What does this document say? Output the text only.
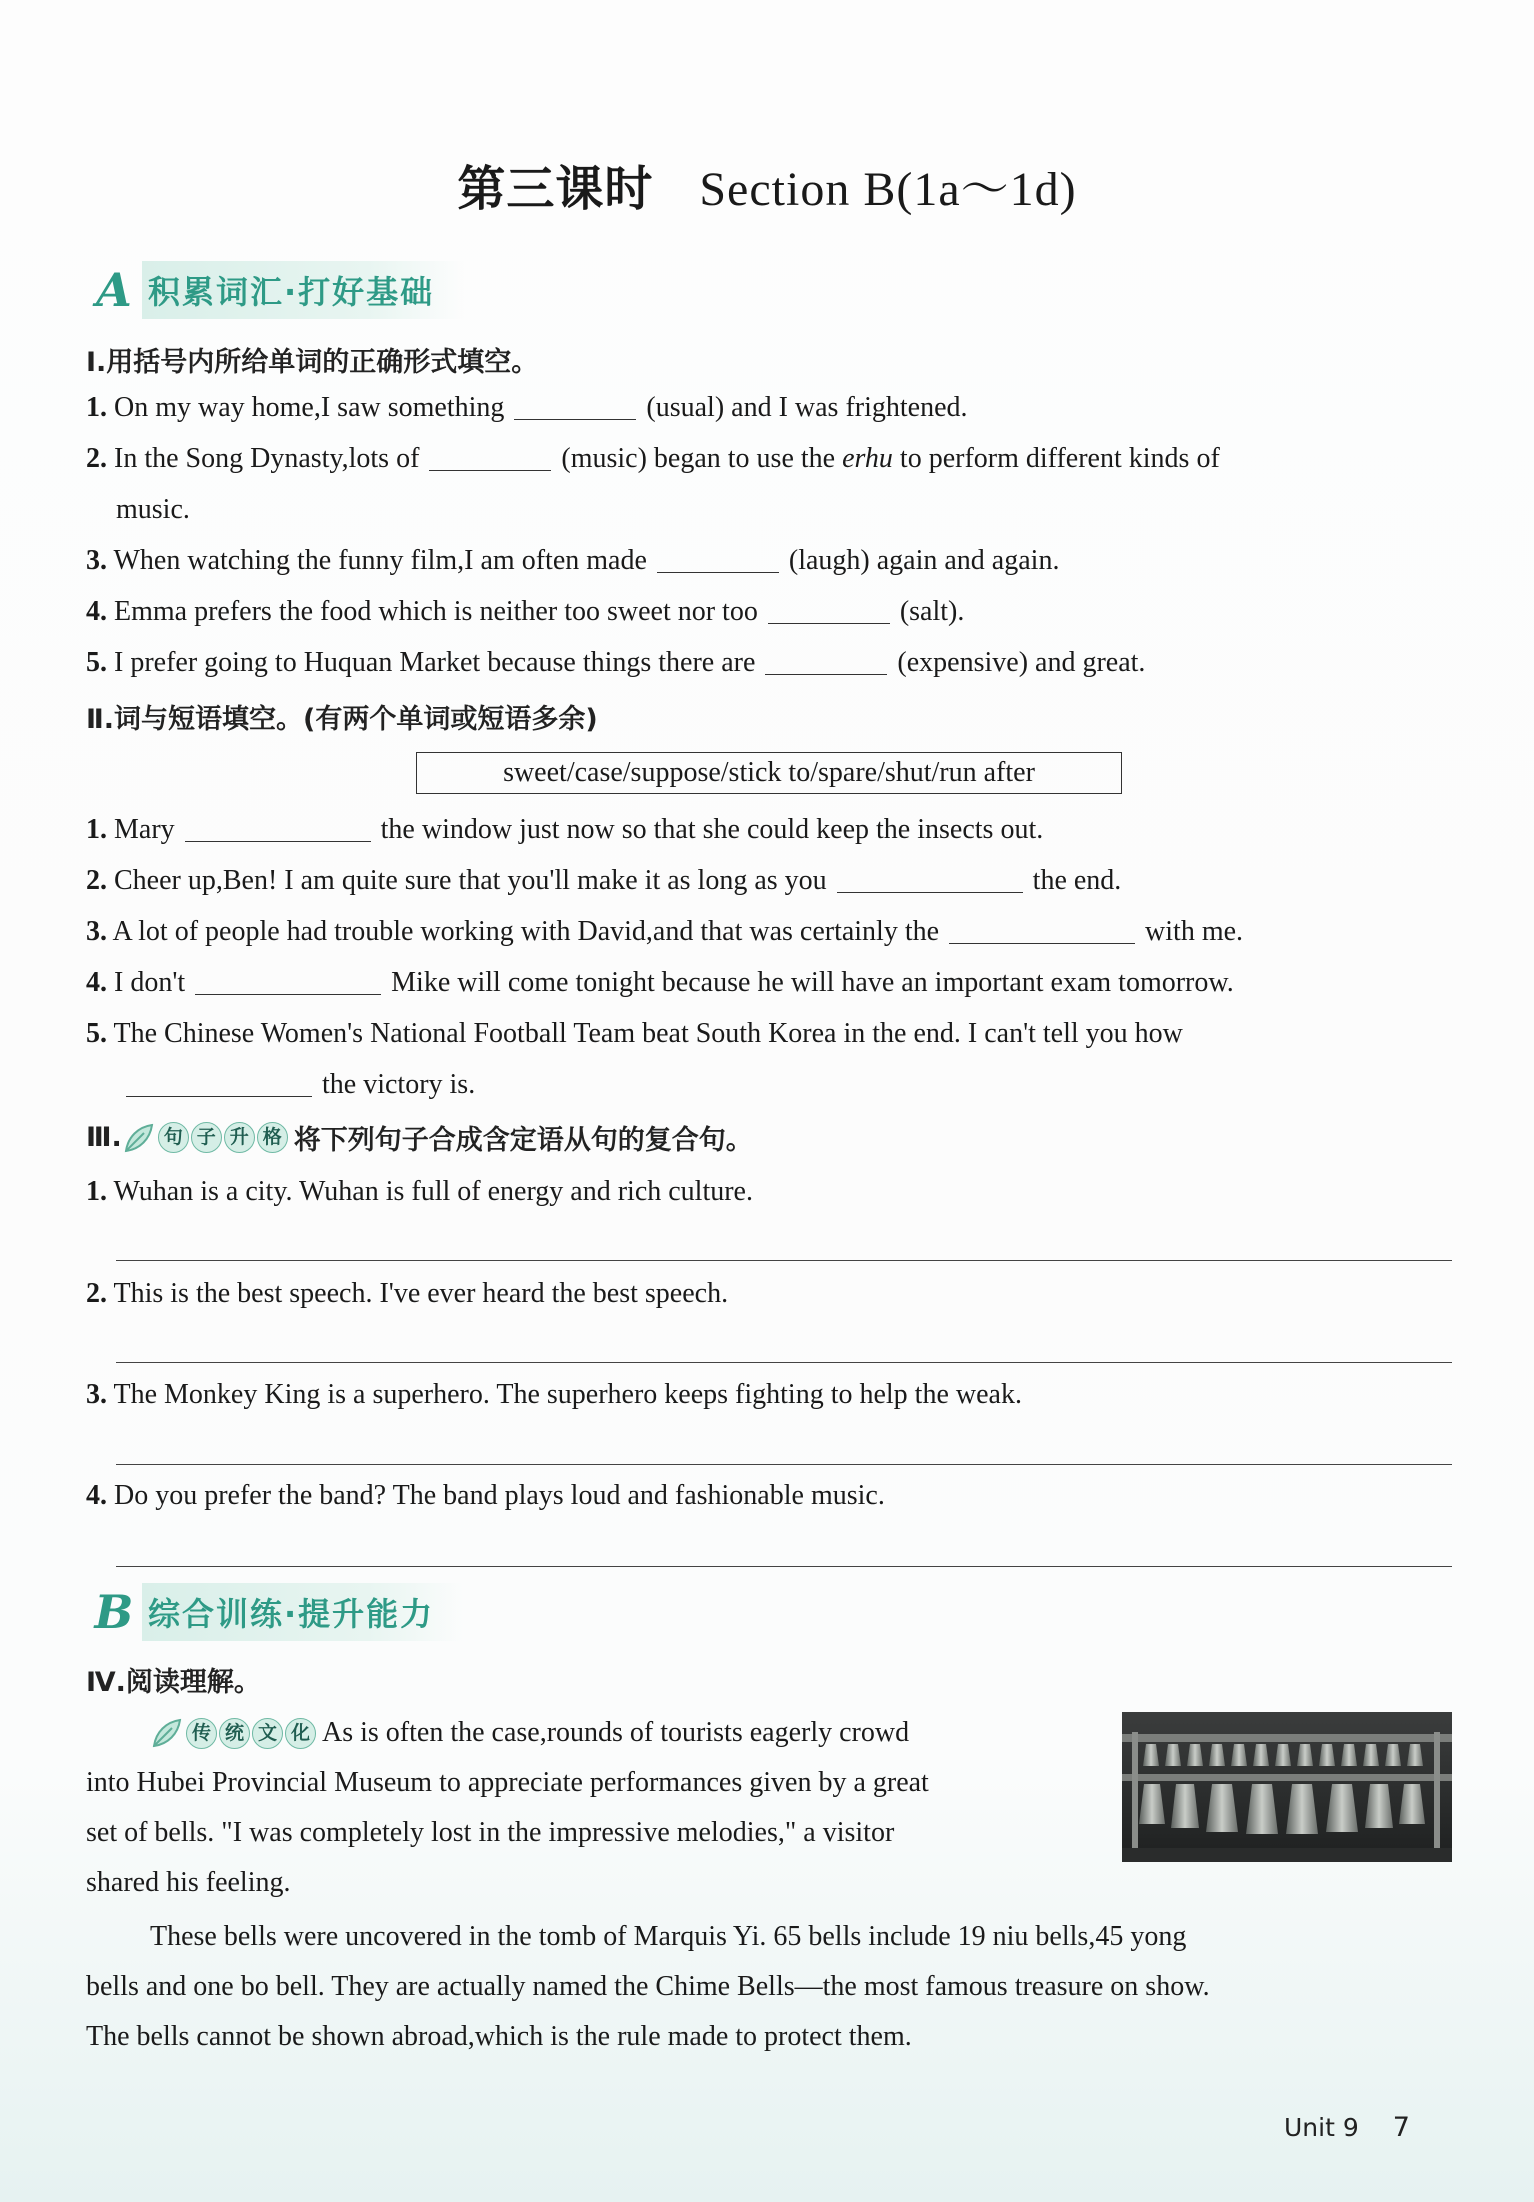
第三课时 Section B(1a～1d)
A 积累词汇·打好基础
Ⅰ.用括号内所给单词的正确形式填空。
1. On my way home,I saw something	(usual) and I was frightened.
2. In the Song Dynasty,lots of	(music) began to use the erhu to perform different kinds of
music.
3. When watching the funny film,I am often made	(laugh) again and again.
4. Emma prefers the food which is neither too sweet nor too	(salt).
5. I prefer going to Huquan Market because things there are	(expensive) and great.
Ⅱ.词与短语填空。(有两个单词或短语多余)
sweet/case/suppose/stick to/spare/shut/run after
1. Mary	the window just now so that she could keep the insects out.
2. Cheer up,Ben! I am quite sure that you'll make it as long as you	the end.
3. A lot of people had trouble working with David,and that was certainly the	with me.
4. I don't	Mike will come tonight because he will have an important exam tomorrow.
5. The Chinese Women's National Football Team beat South Korea in the end. I can't tell you how
the victory is.
Ⅲ.	句 子 升 格 将下列句子合成含定语从句的复合句。
1. Wuhan is a city. Wuhan is full of energy and rich culture.
2. This is the best speech. I've ever heard the best speech.
3. The Monkey King is a superhero. The superhero keeps fighting to help the weak.
4. Do you prefer the band? The band plays loud and fashionable music.
B 综合训练·提升能力
Ⅳ.阅读理解。
传 统 文 化 As is often the case,rounds of tourists eagerly crowd
into Hubei Provincial Museum to appreciate performances given by a great
set of bells. "I was completely lost in the impressive melodies," a visitor
shared his feeling.
These bells were uncovered in the tomb of Marquis Yi. 65 bells include 19 niu bells,45 yong
bells and one bo bell. They are actually named the Chime Bells—the most famous treasure on show.
The bells cannot be shown abroad,which is the rule made to protect them.
Unit 9 7
